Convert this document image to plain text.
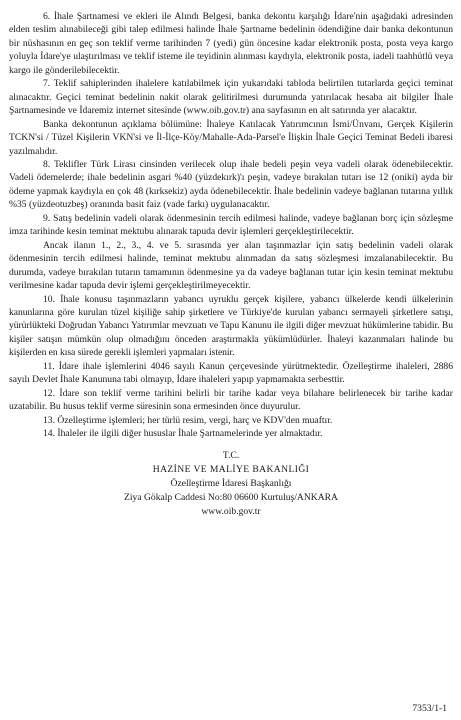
6. İhale Şartnamesi ve ekleri ile Alındı Belgesi, banka dekontu karşılığı İdare'nin aşağıdaki adresinden elden teslim alınabileceği gibi talep edilmesi halinde İhale Şartname bedelinin ödendiğine dair banka dekontunun bir nüshasının en geç son teklif verme tarihinden 7 (yedi) gün öncesine kadar elektronik posta, posta veya kargo yoluyla İdare'ye ulaştırılması ve teklif isteme ile teyidinin alınması kaydıyla, elektronik posta, iadeli taahhütlü veya kargo ile gönderilebilecektir.

7. Teklif sahiplerinden ihalelere katılabilmek için yukarıdaki tabloda belirtilen tutarlarda geçici teminat alınacaktır. Geçici teminat bedelinin nakit olarak gelitirilmesi durumunda yatırılacak hesaba ait bilgiler İhale Şartnamesinde ve İdaremiz internet sitesinde (www.oib.gov.tr) ana sayfasının en alt satırında yer alacaktır.

Banka dekontunun açıklama bölümüne: İhaleye Katılacak Yatırımcının İsmi/Ünvanı, Gerçek Kişilerin TCKN'si / Tüzel Kişilerin VKN'si ve İl-İlçe-Köy/Mahalle-Ada-Parsel'e İlişkin İhale Geçici Teminat Bedeli ibaresi yazılmalıdır.

8. Teklifler Türk Lirası cinsinden verilecek olup ihale bedeli peşin veya vadeli olarak ödenebilecektir. Vadeli ödemelerde; ihale bedelinin asgari %40 (yüzdekırk)'ı peşin, vadeye bırakılan tutarı ise 12 (oniki) ayda bir ödeme yapmak kaydıyla en çok 48 (kırksekiz) ayda ödenebilecektir. İhale bedelinin vadeye bağlanan tutarına yıllık %35 (yüzdeotuzbeş) oranında basit faiz (vade farkı) uygulanacaktır.

9. Satış bedelinin vadeli olarak ödenmesinin tercih edilmesi halinde, vadeye bağlanan borç için sözleşme imza tarihinde kesin teminat mektubu alınarak tapuda devir işlemleri gerçekleştirilecektir.

Ancak ilanın 1., 2., 3., 4. ve 5. sırasında yer alan taşınmazlar için satış bedelinin vadeli olarak ödenmesinin tercih edilmesi halinde, teminat mektubu alınmadan da satış sözleşmesi imzalanabilecektir. Bu durumda, vadeye bırakılan tutarın tamamının ödenmesine ya da vadeye bağlanan tutar için kesin teminat mektubu verilmesine kadar tapuda devir işlemi gerçekleştirilmeyecektir.

10. İhale konusu taşınmazların yabancı uyruklu gerçek kişilere, yabancı ülkelerde kendi ülkelerinin kanunlarına göre kurulan tüzel kişiliğe sahip şirketlere ve Türkiye'de kurulan yabancı sermayeli şirketlere satışı, yürürlükteki Doğrudan Yabancı Yatırımlar mevzuatı ve Tapu Kanunu ile ilgili diğer mevzuat hükümlerine tabidir. Bu kişiler satışın mümkün olup olmadığını önceden araştırmakla yükümlüdürler. İhaleyi kazanmaları halinde bu kişilerden en kısa sürede gerekli işlemleri yapmaları istenir.

11. İdare ihale işlemlerini 4046 sayılı Kanun çerçevesinde yürütmektedir. Özelleştirme ihaleleri, 2886 sayılı Devlet İhale Kanununa tabi olmayıp, İdare ihaleleri yapıp yapmamakta serbesttir.

12. İdare son teklif verme tarihini belirli bir tarihe kadar veya bilahare belirlenecek bir tarihe kadar uzatabilir. Bu husus teklif verme süresinin sona ermesinden önce duyurulur.

13. Özelleştirme işlemleri; her türlü resim, vergi, harç ve KDV'den muaftır.

14. İhaleler ile ilgili diğer hususlar İhale Şartnamelerinde yer almaktadır.

T.C.
HAZİNE VE MALİYE BAKANLIĞI
Özelleştirme İdaresi Başkanlığı
Ziya Gökalp Caddesi No:80 06600 Kurtuluş/ANKARA
www.oib.gov.tr
7353/1-1
